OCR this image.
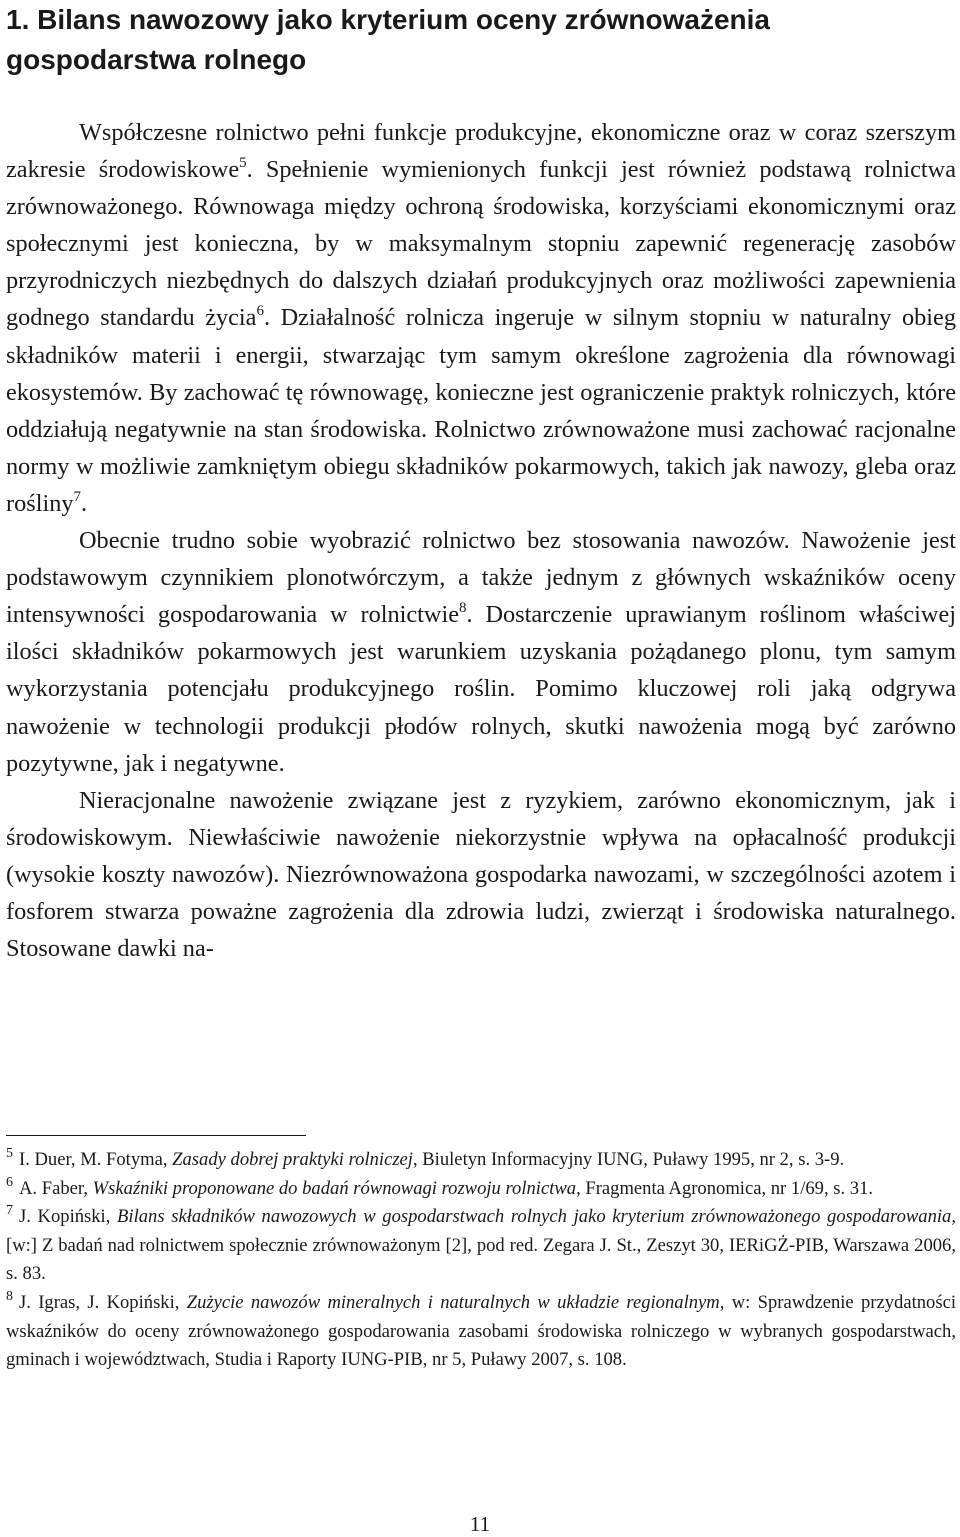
1. Bilans nawozowy jako kryterium oceny zrównoważenia
gospodarstwa rolnego

Współczesne rolnictwo pełni funkcje produkcyjne, ekonomiczne oraz w coraz szerszym zakresie środowiskowe$^5$. Spełnienie wymienionych funkcji jest również podstawą rolnictwa zrównoważonego. Równowaga między ochroną środowiska, korzyściami ekonomicznymi oraz społecznymi jest konieczna, by w maksymalnym stopniu zapewnić regenerację zasobów przyrodniczych niezbędnych do dalszych działań produkcyjnych oraz możliwości zapewnienia godnego standardu życia$^6$. Działalność rolnicza ingeruje w silnym stopniu w naturalny obieg składników materii i energii, stwarzając tym samym określone zagrożenia dla równowagi ekosystemów. By zachować tę równowagę, konieczne jest ograniczenie praktyk rolniczych, które oddziałują negatywnie na stan środowiska. Rolnictwo zrównoważone musi zachować racjonalne normy w możliwie zamkniętym obiegu składników pokarmowych, takich jak nawozy, gleba oraz rośliny$^7$.

Obecnie trudno sobie wyobrazić rolnictwo bez stosowania nawozów. Nawożenie jest podstawowym czynnikiem plonotwórczym, a także jednym z głównych wskaźników oceny intensywności gospodarowania w rolnictwie$^8$. Dostarczenie uprawianym roślinom właściwej ilości składników pokarmowych jest warunkiem uzyskania pożądanego plonu, tym samym wykorzystania potencjału produkcyjnego roślin. Pomimo kluczowej roli jaką odgrywa nawożenie w technologii produkcji płodów rolnych, skutki nawożenia mogą być zarówno pozytywne, jak i negatywne.

Nieracjonalne nawożenie związane jest z ryzykiem, zarówno ekonomicznym, jak i środowiskowym. Niewłaściwie nawożenie niekorzystnie wpływa na opłacalność produkcji (wysokie koszty nawozów). Niezrównoważona gospodarka nawozami, w szczególności azotem i fosforem stwarza poważne zagrożenia dla zdrowia ludzi, zwierząt i środowiska naturalnego. Stosowane dawki na-

$^5$ I. Duer, M. Fotyma, Zasady dobrej praktyki rolniczej, Biuletyn Informacyjny IUNG, Puławy 1995, nr 2, s. 3-9.

$^6$ A. Faber, Wskaźniki proponowane do badań równowagi rozwoju rolnictwa, Fragmenta Agronomica, nr 1/69, s. 31.

$^7$ J. Kopiński, Bilans składników nawozowych w gospodarstwach rolnych jako kryterium zrównoważonego gospodarowania, [w:] Z badań nad rolnictwem społecznie zrównoważonym [2], pod red. Zegara J. St., Zeszyt 30, IERiGŻ-PIB, Warszawa 2006, s. 83.

$^8$ J. Igras, J. Kopiński, Zużycie nawozów mineralnych i naturalnych w układzie regionalnym, w: Sprawdzenie przydatności wskaźników do oceny zrównoważonego gospodarowania zasobami środowiska rolniczego w wybranych gospodarstwach, gminach i województwach, Studia i Raporty IUNG-PIB, nr 5, Puławy 2007, s. 108.

11
